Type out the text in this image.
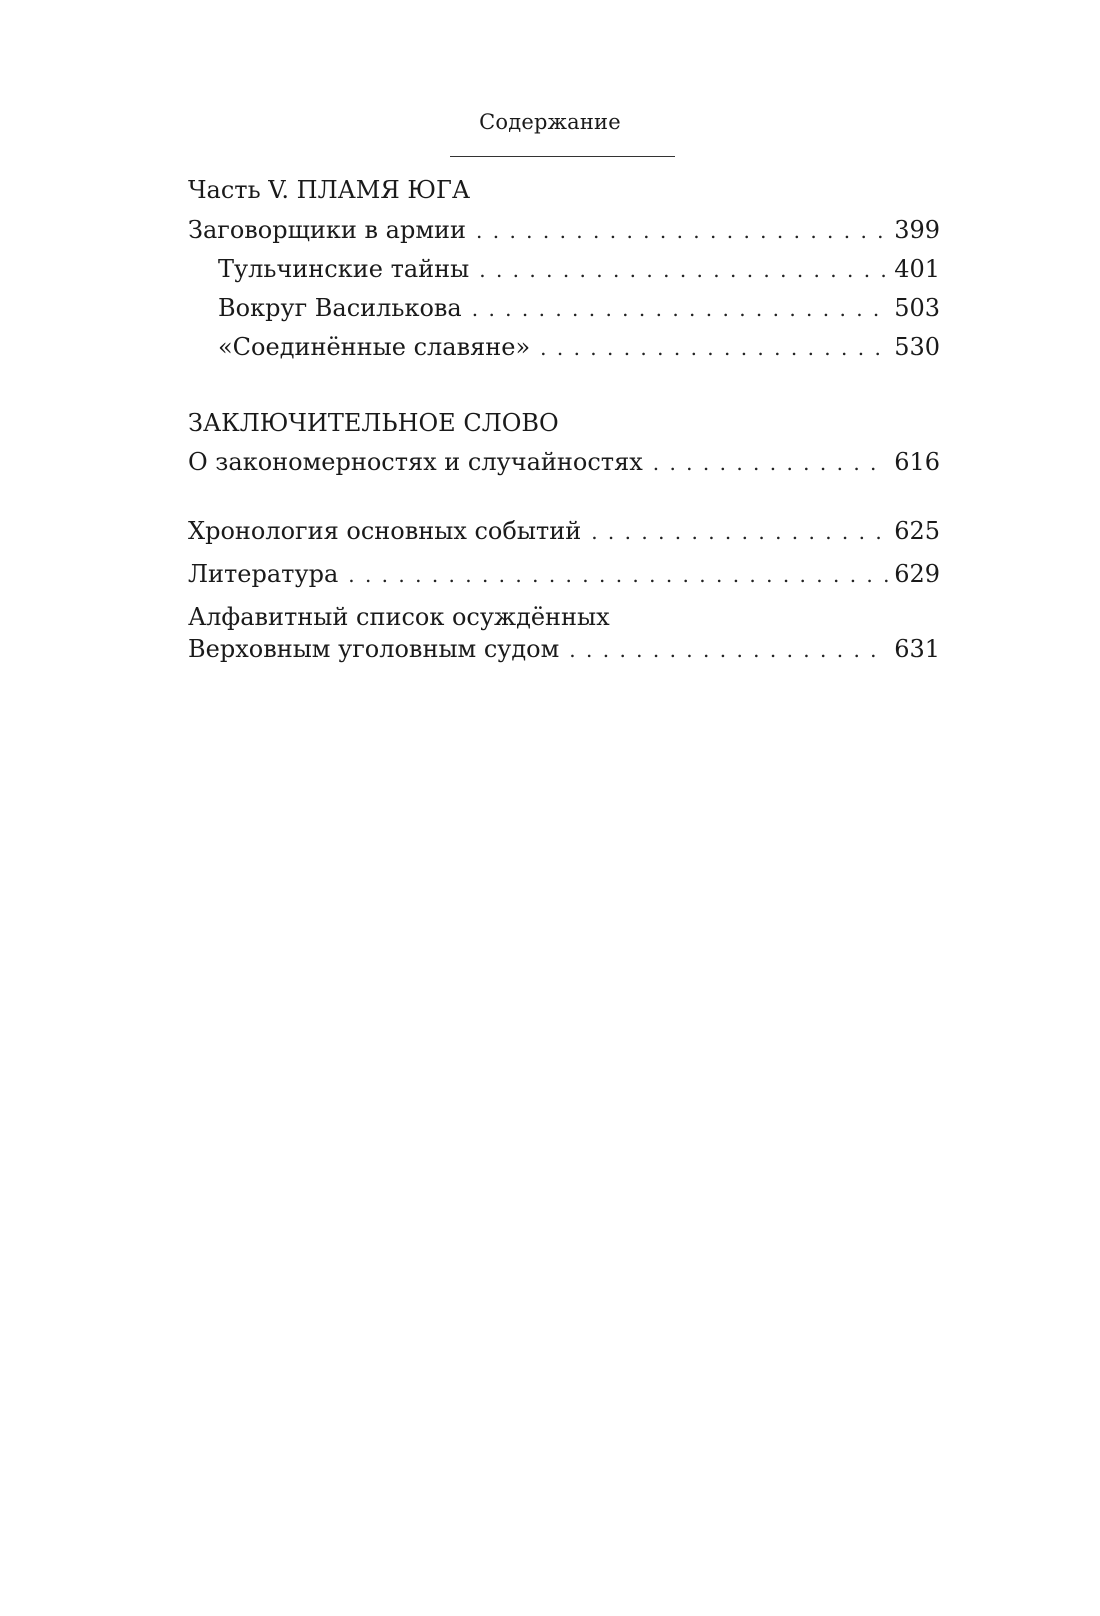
Содержание
Часть V. ПЛАМЯ ЮГА
Заговорщики в армии . . .	399
Тульчинские тайны . . .	401
Вокруг Василькова . . .	503
«Соединённые славяне» . . .	530
ЗАКЛЮЧИТЕЛЬНОЕ СЛОВО
О закономерностях и случайностях . . .	616
Хронология основных событий . . .	625
Литература . . .	629
Алфавитный список осуждённых
Верховным уголовным судом . . .	631
